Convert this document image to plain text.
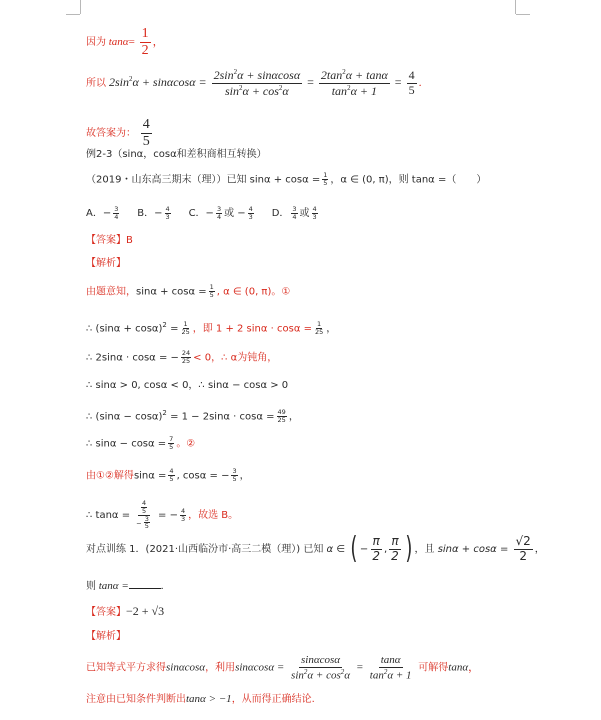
因为 $\tan\alpha= \frac{1}{2}$ ，
所以 $2\sin^2\alpha + \sin\alpha\cos\alpha = \frac{2\sin^2\alpha + \sin\alpha\cos\alpha}{\sin^2\alpha + \cos^2\alpha} = \frac{2\tan^2\alpha + \tan\alpha}{\tan^2\alpha + 1} = \frac{4}{5}$ .
故答案为： $\frac{4}{5}$
例2-3（sinα，cosα和差积商相互转换）
（2019・山东高三期末（理））已知 $\sin\alpha + \cos\alpha = \frac{1}{5}$ ，α ∈ (0, π)，则 tanα =（　　）
A．− $\frac{3}{4}$ B．− $\frac{4}{3}$ C．− $\frac{3}{4}$ 或 − $\frac{4}{3}$ D． $\frac{3}{4}$ 或 $\frac{4}{3}$
【答案】B
【解析】
由题意知，$\sin\alpha + \cos\alpha = \frac{1}{5}$ , α ∈ (0, π)。①
∴ $(\sin\alpha + \cos\alpha)^2 = \frac{1}{25}$ ，即 1 + 2 $\sin\alpha \cdot \cos\alpha = \frac{1}{25}$ ，
∴ 2sinα · cosα = − $\frac{24}{25} < 0$，∴ α为钝角，
∴ sinα > 0, cosα < 0，∴ sinα − cosα > 0
∴ $(\sin\alpha - \cos\alpha)^2 = 1 - 2\sin\alpha \cdot \cos\alpha = \frac{49}{25}$ ，
∴ $\sin\alpha - \cos\alpha = \frac{7}{5}$ 。②
由①②解得$\sin\alpha = \frac{4}{5}$ , cosα = − $\frac{3}{5}$ ，
∴ $\tan\alpha = \frac{\frac{4}{5}}{- \frac{3}{5}}$ = − $\frac{4}{3}$ ，故选 B。
对点训练 1．(2021·山西临汾市·高三二模（理）) 已知 α ∈ ( − $\frac{\pi}{2}$ , $\frac{\pi}{2}$ ) ，且 $\sin\alpha + \cos\alpha = \frac{√2}{2}$ ，
则 tanα =	.
【答案】−2 + √3
【解析】
已知等式平方求得sinαcosα，利用$\sin\alpha\cos\alpha = \frac{\sin\alpha\cos\alpha}{\sin^2\alpha + \cos^2\alpha} = \frac{\tan\alpha}{\tan^2\alpha + 1}$ 可解得tanα，
注意由已知条件判断出tanα > −1，从而得正确结论.
